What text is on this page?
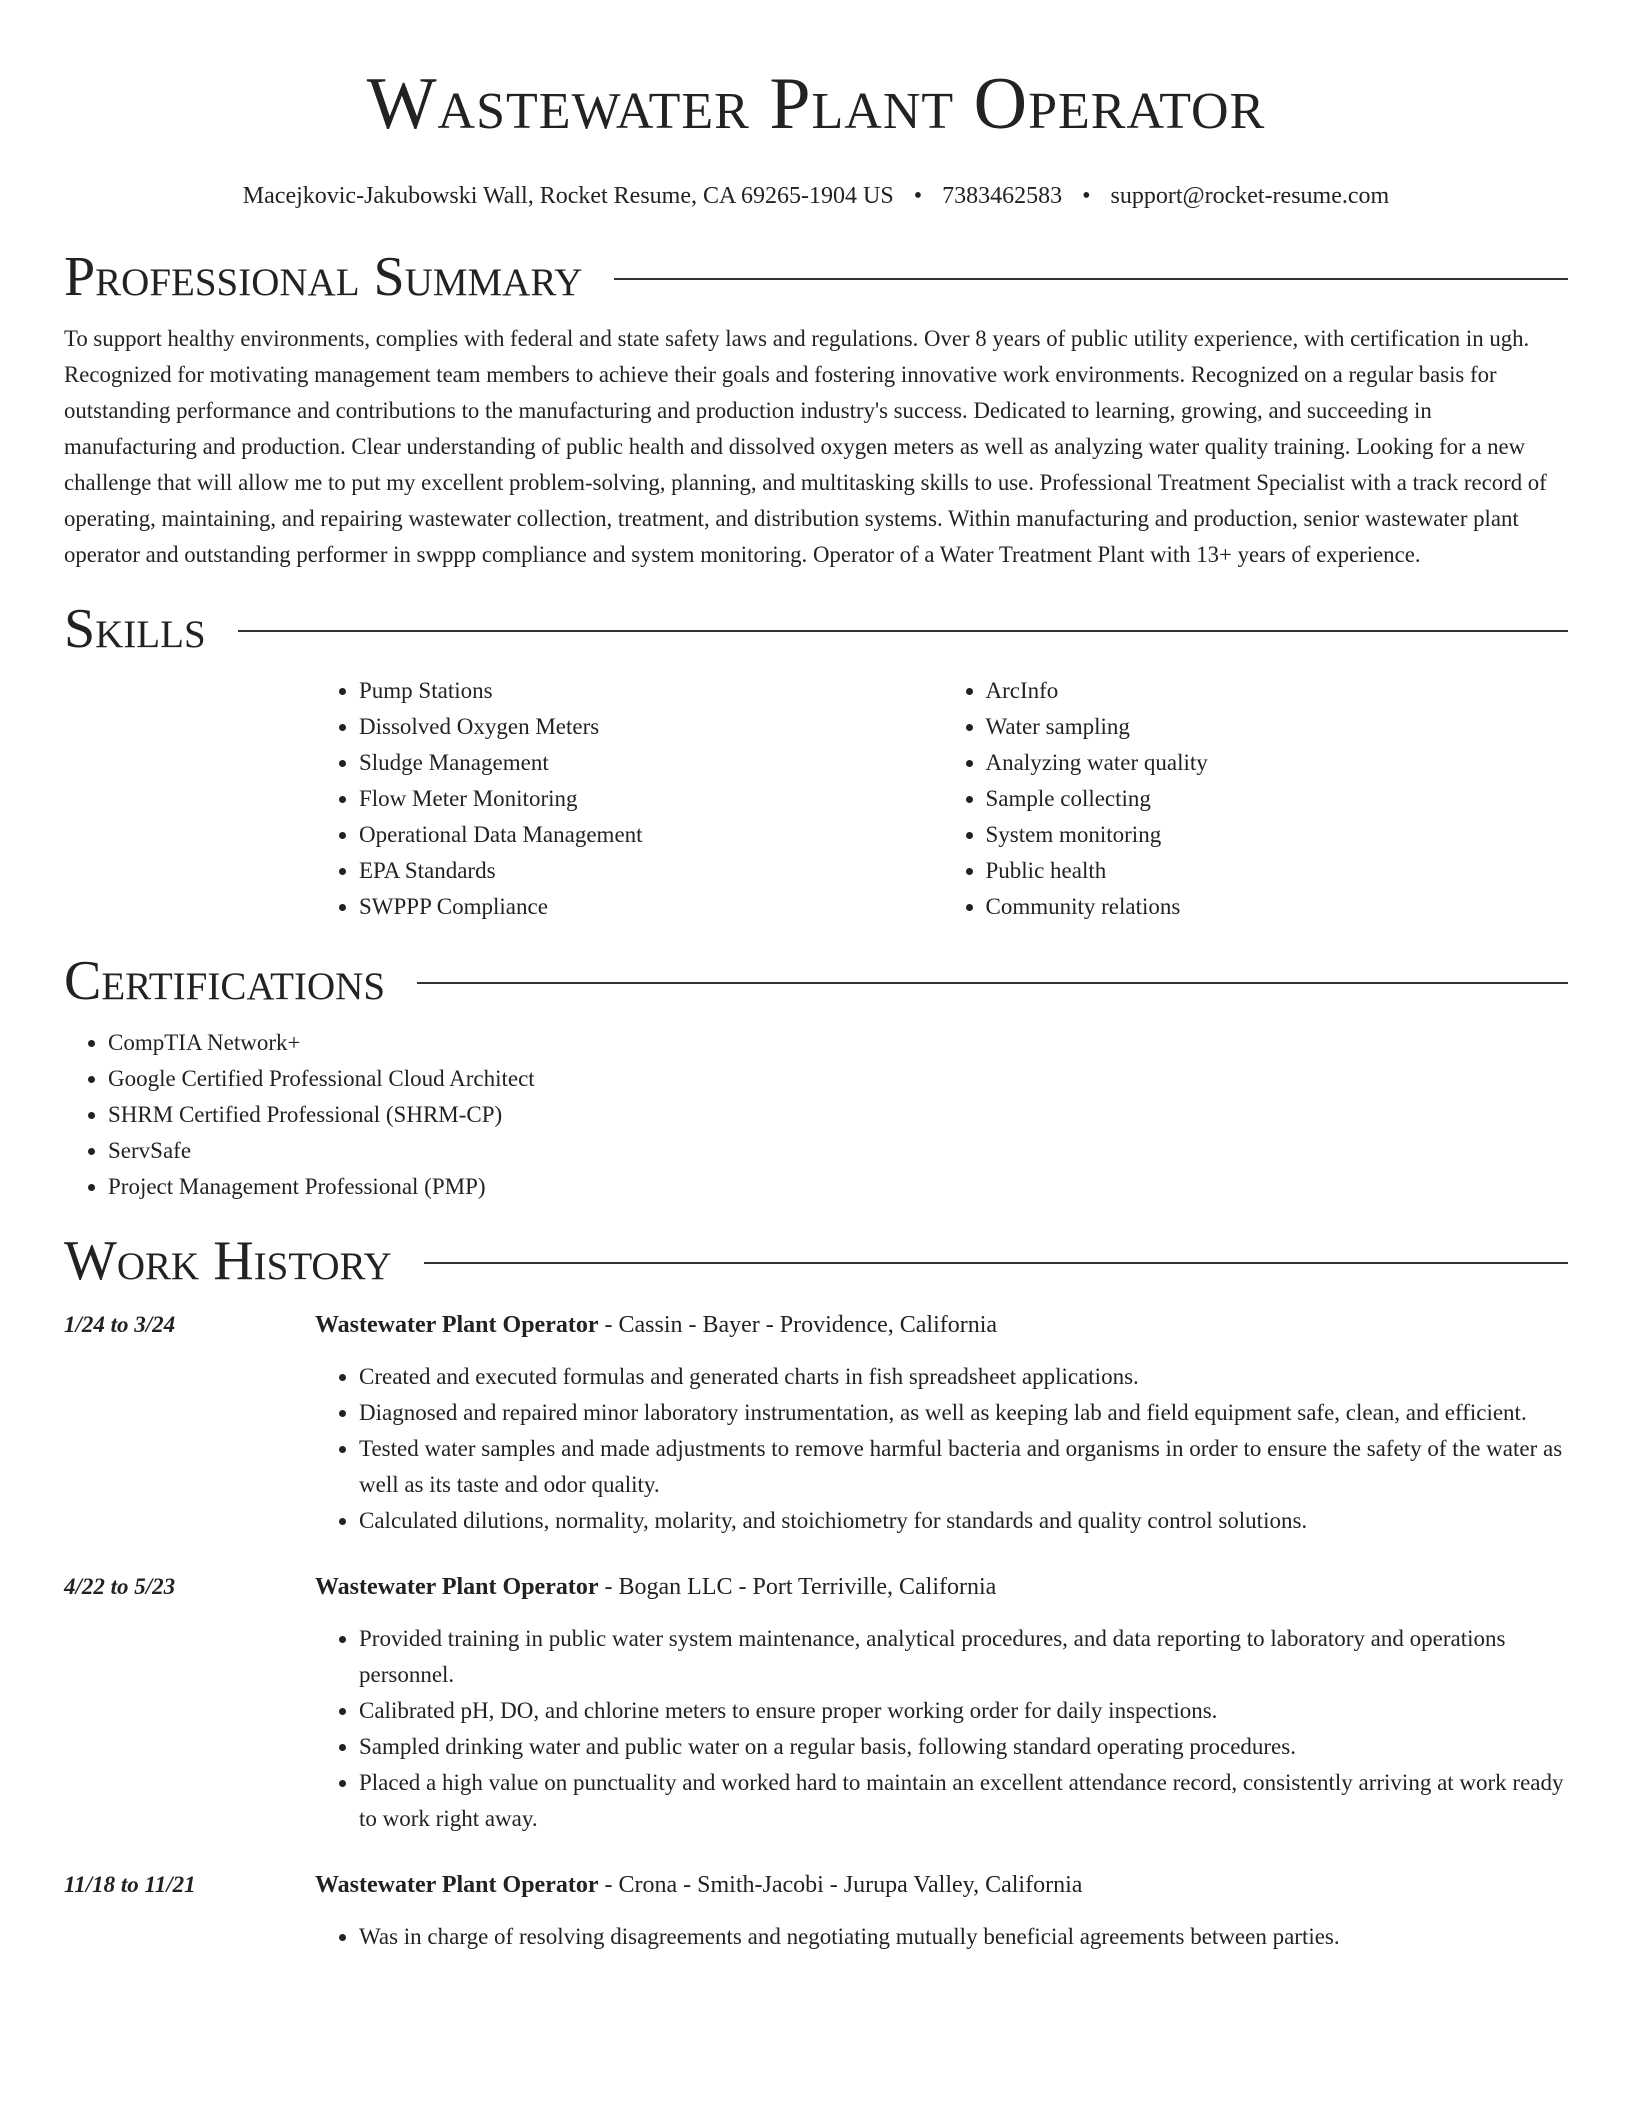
Wastewater Plant Operator
Macejkovic-Jakubowski Wall, Rocket Resume, CA 69265-1904 US • 7383462583 • support@rocket-resume.com
Professional Summary

To support healthy environments, complies with federal and state safety laws and regulations. Over 8 years of public utility experience, with certification in ugh. Recognized for motivating management team members to achieve their goals and fostering innovative work environments. Recognized on a regular basis for outstanding performance and contributions to the manufacturing and production industry's success. Dedicated to learning, growing, and succeeding in manufacturing and production. Clear understanding of public health and dissolved oxygen meters as well as analyzing water quality training. Looking for a new challenge that will allow me to put my excellent problem-solving, planning, and multitasking skills to use. Professional Treatment Specialist with a track record of operating, maintaining, and repairing wastewater collection, treatment, and distribution systems. Within manufacturing and production, senior wastewater plant operator and outstanding performer in swppp compliance and system monitoring. Operator of a Water Treatment Plant with 13+ years of experience.

Skills
• Pump Stations
• Dissolved Oxygen Meters
• Sludge Management
• Flow Meter Monitoring
• Operational Data Management
• EPA Standards
• SWPPP Compliance
• ArcInfo
• Water sampling
• Analyzing water quality
• Sample collecting
• System monitoring
• Public health
• Community relations
Certifications
• CompTIA Network+
• Google Certified Professional Cloud Architect
• SHRM Certified Professional (SHRM-CP)
• ServSafe
• Project Management Professional (PMP)
Work History
1/24 to 3/24	Wastewater Plant Operator - Cassin - Bayer - Providence, California
• Created and executed formulas and generated charts in fish spreadsheet applications.
• Diagnosed and repaired minor laboratory instrumentation, as well as keeping lab and field equipment safe, clean, and efficient.
• Tested water samples and made adjustments to remove harmful bacteria and organisms in order to ensure the safety of the water as well as its taste and odor quality.
• Calculated dilutions, normality, molarity, and stoichiometry for standards and quality control solutions.
4/22 to 5/23	Wastewater Plant Operator - Bogan LLC - Port Terriville, California
• Provided training in public water system maintenance, analytical procedures, and data reporting to laboratory and operations personnel.
• Calibrated pH, DO, and chlorine meters to ensure proper working order for daily inspections.
• Sampled drinking water and public water on a regular basis, following standard operating procedures.
• Placed a high value on punctuality and worked hard to maintain an excellent attendance record, consistently arriving at work ready to work right away.
11/18 to 11/21	Wastewater Plant Operator - Crona - Smith-Jacobi - Jurupa Valley, California
• Was in charge of resolving disagreements and negotiating mutually beneficial agreements between parties.
